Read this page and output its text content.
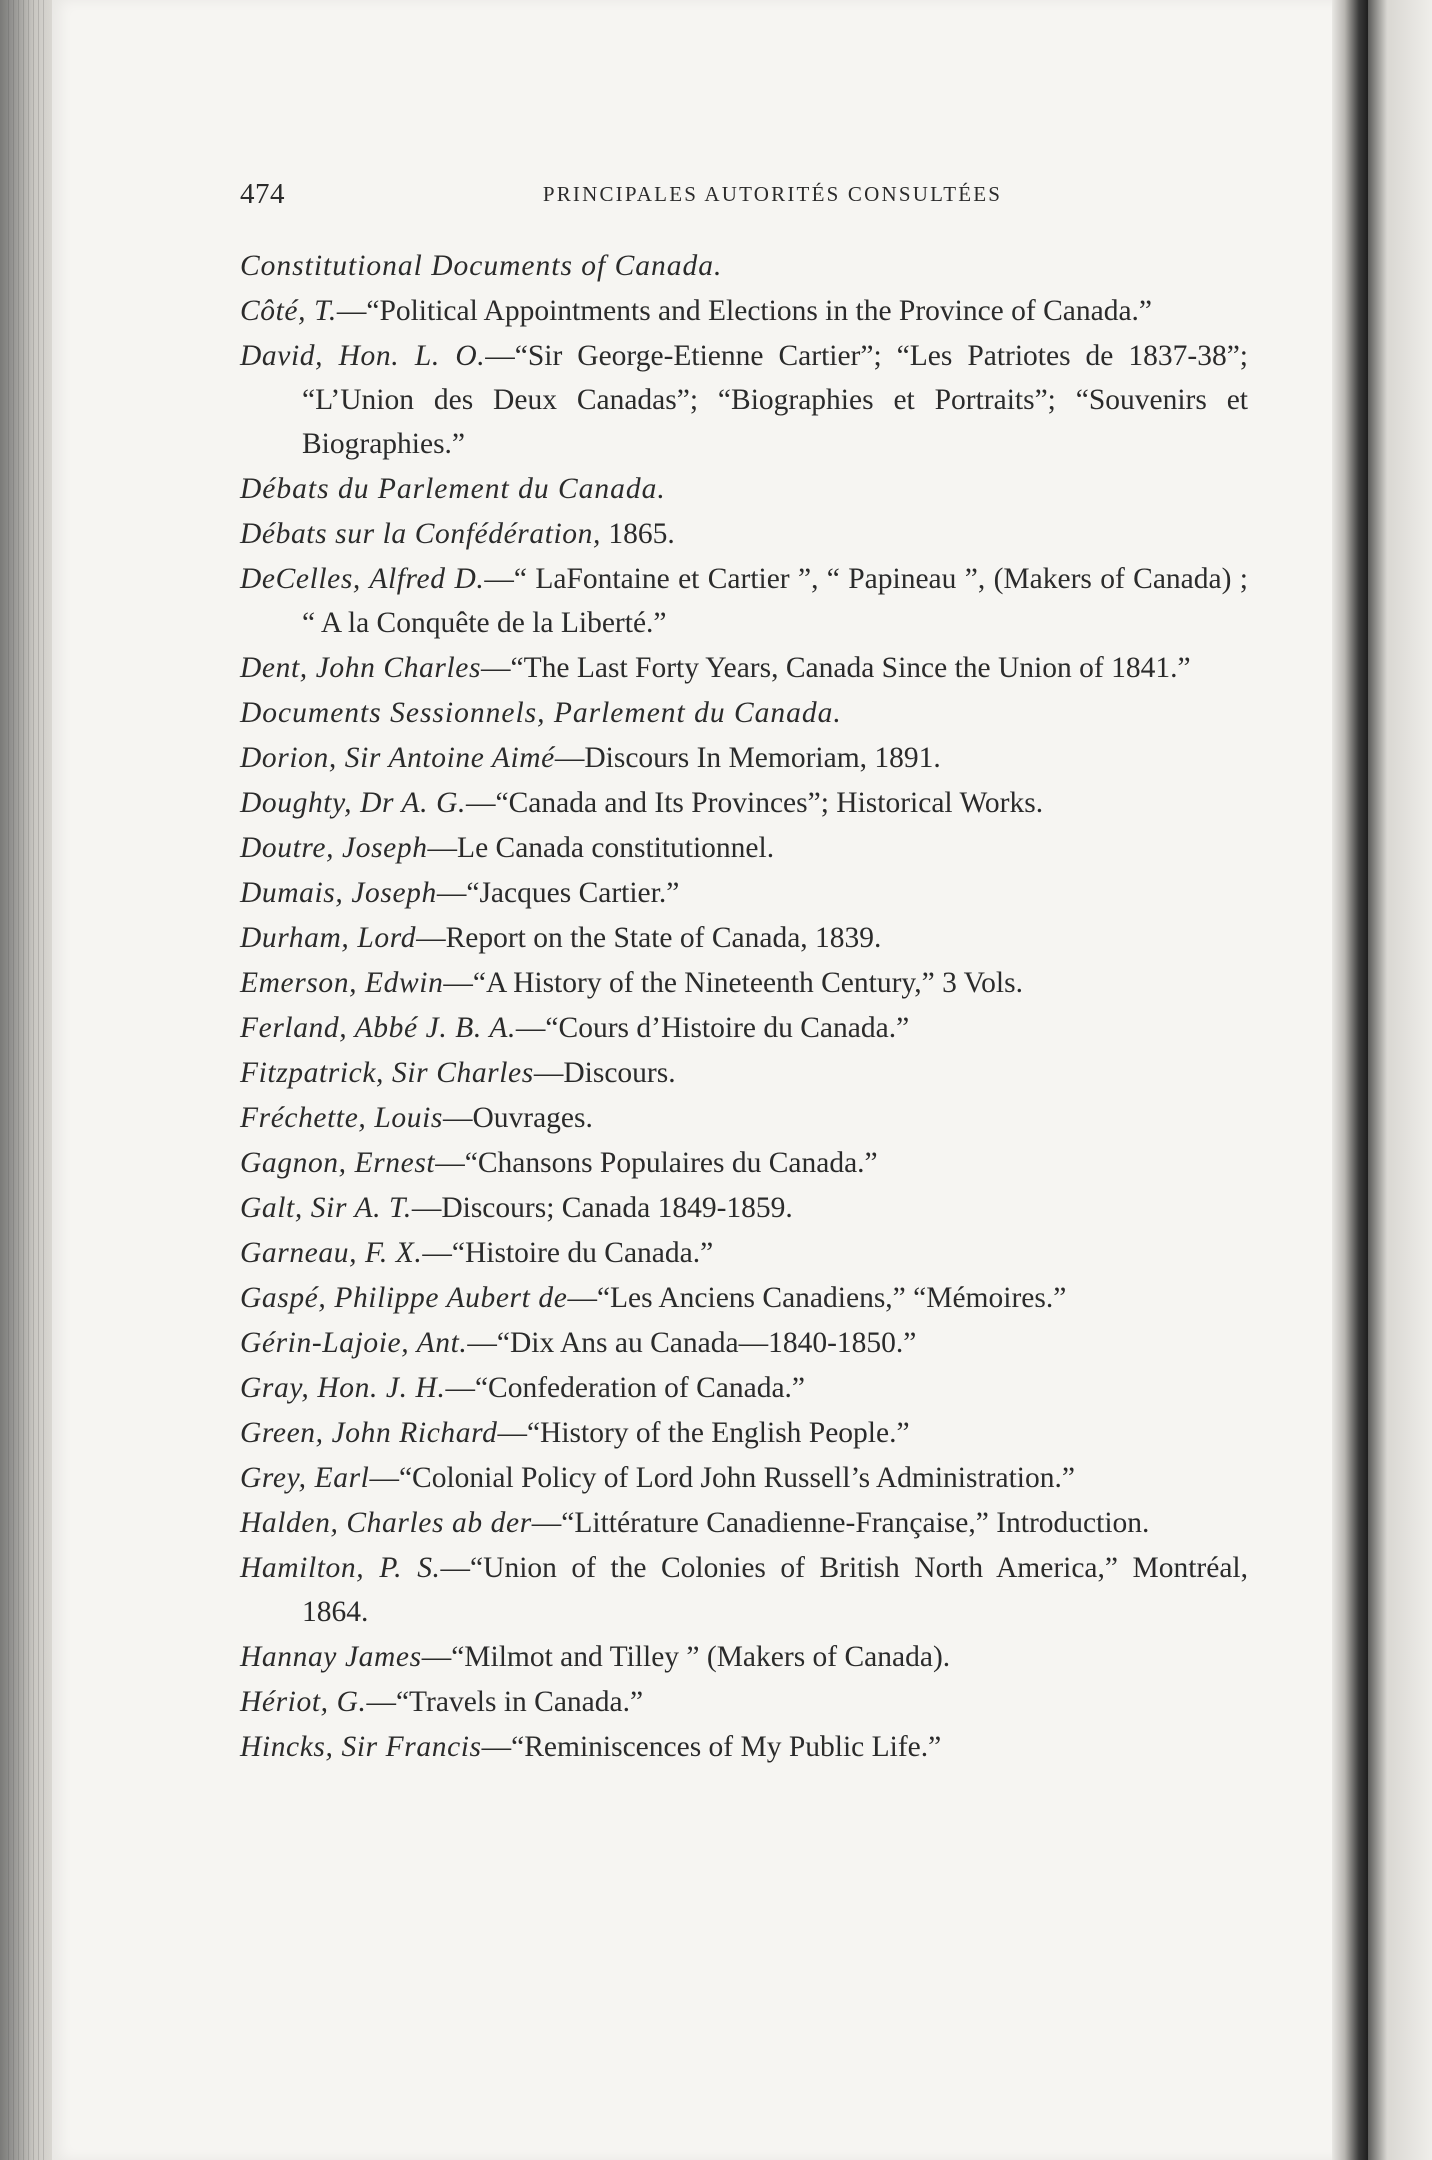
474	PRINCIPALES AUTORITÉS CONSULTÉES
Constitutional Documents of Canada.
Côté, T.—“Political Appointments and Elections in the Province of Canada.”
David, Hon. L. O.—“Sir George-Etienne Cartier”; “Les Patriotes de 1837-38”; “L’Union des Deux Canadas”; “Biographies et Portraits”; “Souvenirs et Biographies.”
Débats du Parlement du Canada.
Débats sur la Confédération, 1865.
DeCelles, Alfred D.—“ LaFontaine et Cartier ”, “ Papineau ”, (Makers of Canada) ; “ A la Conquête de la Liberté.”
Dent, John Charles—“The Last Forty Years, Canada Since the Union of 1841.”
Documents Sessionnels, Parlement du Canada.
Dorion, Sir Antoine Aimé—Discours In Memoriam, 1891.
Doughty, Dr A. G.—“Canada and Its Provinces”; Historical Works.
Doutre, Joseph—Le Canada constitutionnel.
Dumais, Joseph—“Jacques Cartier.”
Durham, Lord—Report on the State of Canada, 1839.
Emerson, Edwin—“A History of the Nineteenth Century,” 3 Vols.
Ferland, Abbé J. B. A.—“Cours d’Histoire du Canada.”
Fitzpatrick, Sir Charles—Discours.
Fréchette, Louis—Ouvrages.
Gagnon, Ernest—“Chansons Populaires du Canada.”
Galt, Sir A. T.—Discours; Canada 1849-1859.
Garneau, F. X.—“Histoire du Canada.”
Gaspé, Philippe Aubert de—“Les Anciens Canadiens,” “Mémoires.”
Gérin-Lajoie, Ant.—“Dix Ans au Canada—1840-1850.”
Gray, Hon. J. H.—“Confederation of Canada.”
Green, John Richard—“History of the English People.”
Grey, Earl—“Colonial Policy of Lord John Russell’s Administration.”
Halden, Charles ab der—“Littérature Canadienne-Française,” Introduction.
Hamilton, P. S.—“Union of the Colonies of British North America,” Montréal, 1864.
Hannay James—“Milmot and Tilley ” (Makers of Canada).
Hériot, G.—“Travels in Canada.”
Hincks, Sir Francis—“Reminiscences of My Public Life.”
